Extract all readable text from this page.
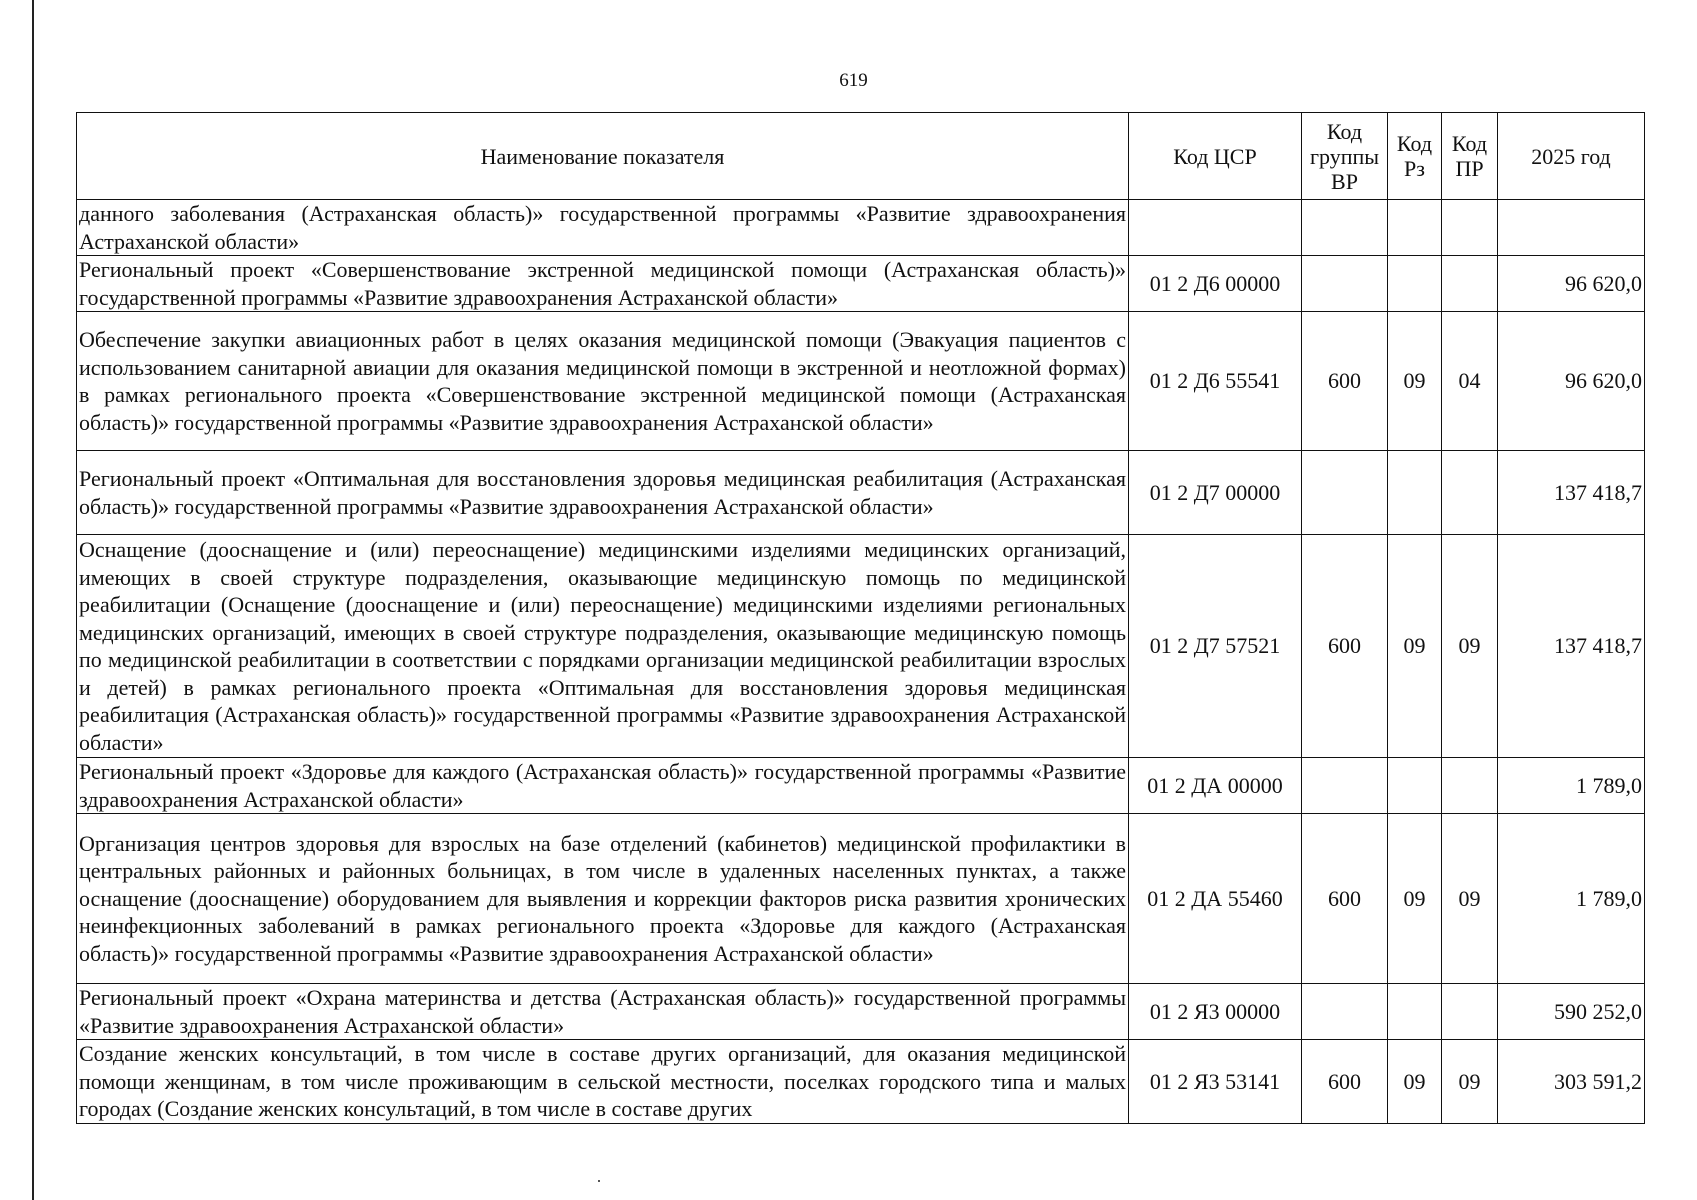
619
Наименование показателя	Код ЦСР	Код группы ВР	Код Рз	Код ПР	2025 год
данного заболевания (Астраханская область)» государственной программы «Развитие здравоохранения Астраханской области»					
Региональный проект «Совершенствование экстренной медицинской помощи (Астраханская область)» государственной программы «Развитие здравоохранения Астраханской области»	01 2 Д6 00000				96 620,0
Обеспечение закупки авиационных работ в целях оказания медицинской помощи (Эвакуация пациентов с использованием санитарной авиации для оказания медицинской помощи в экстренной и неотложной формах) в рамках регионального проекта «Совершенствование экстренной медицинской помощи (Астраханская область)» государственной программы «Развитие здравоохранения Астраханской области»	01 2 Д6 55541	600	09	04	96 620,0
Региональный проект «Оптимальная для восстановления здоровья медицинская реабилитация (Астраханская область)» государственной программы «Развитие здравоохранения Астраханской области»	01 2 Д7 00000				137 418,7
Оснащение (дооснащение и (или) переоснащение) медицинскими изделиями медицинских организаций, имеющих в своей структуре подразделения, оказывающие медицинскую помощь по медицинской реабилитации (Оснащение (дооснащение и (или) переоснащение) медицинскими изделиями региональных медицинских организаций, имеющих в своей структуре подразделения, оказывающие медицинскую помощь по медицинской реабилитации в соответствии с порядками организации медицинской реабилитации взрослых и детей) в рамках регионального проекта «Оптимальная для восстановления здоровья медицинская реабилитация (Астраханская область)» государственной программы «Развитие здравоохранения Астраханской области»	01 2 Д7 57521	600	09	09	137 418,7
Региональный проект «Здоровье для каждого (Астраханская область)» государственной программы «Развитие здравоохранения Астраханской области»	01 2 ДА 00000				1 789,0
Организация центров здоровья для взрослых на базе отделений (кабинетов) медицинской профилактики в центральных районных и районных больницах, в том числе в удаленных населенных пунктах, а также оснащение (дооснащение) оборудованием для выявления и коррекции факторов риска развития хронических неинфекционных заболеваний в рамках регионального проекта «Здоровье для каждого (Астраханская область)» государственной программы «Развитие здравоохранения Астраханской области»	01 2 ДА 55460	600	09	09	1 789,0
Региональный проект «Охрана материнства и детства (Астраханская область)» государственной программы «Развитие здравоохранения Астраханской области»	01 2 Я3 00000				590 252,0
Создание женских консультаций, в том числе в составе других организаций, для оказания медицинской помощи женщинам, в том числе проживающим в сельской местности, поселках городского типа и малых городах (Создание женских консультаций, в том числе в составе других	01 2 Я3 53141	600	09	09	303 591,2
